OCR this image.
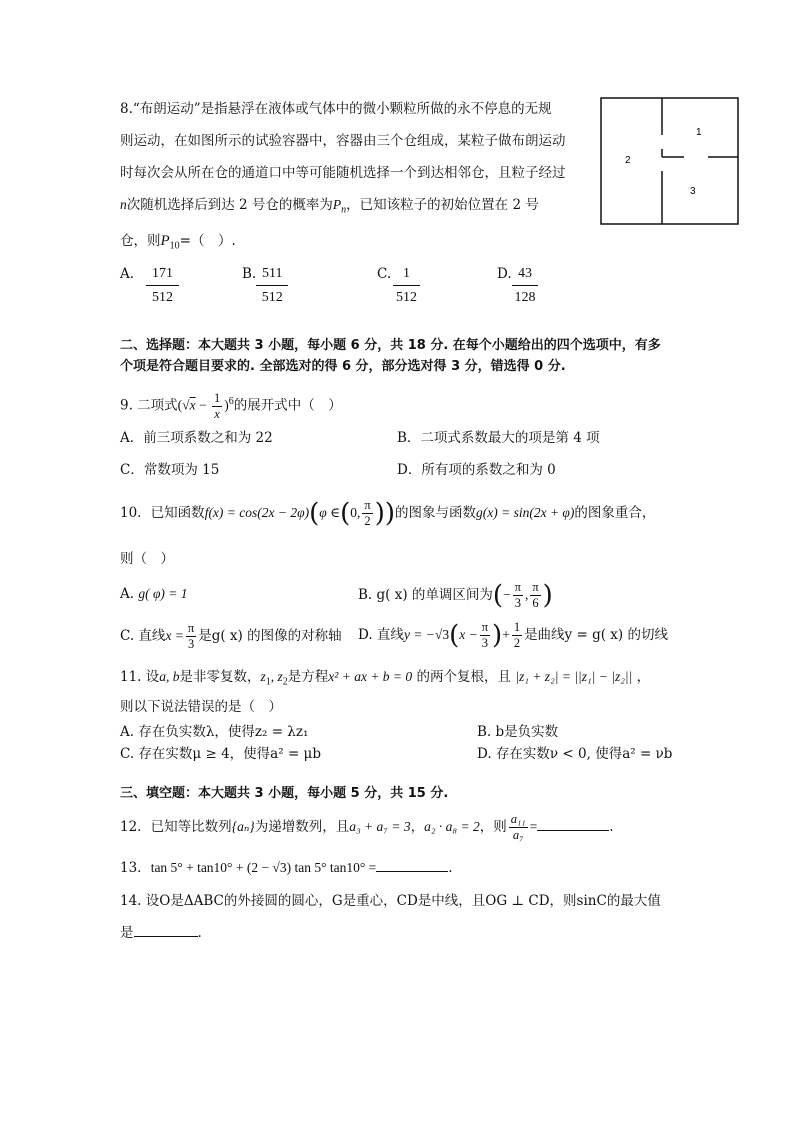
8.“布朗运动”是指悬浮在液体或气体中的微小颗粒所做的永不停息的无规
则运动，在如图所示的试验容器中，容器由三个仓组成，某粒子做布朗运动
时每次会从所在仓的通道口中等可能随机选择一个到达相邻仓，且粒子经过
n次随机选择后到达 2 号仓的概率为$P_n$，已知该粒子的初始位置在 2 号
仓，则$P_{10}=$（　）.
1
2
3
A. $\frac{171}{512}$	B. $\frac{511}{512}$	C. $\frac{1}{512}$	D. $\frac{43}{128}$
二、选择题：本大题共 3 小题，每小题 6 分，共 18 分. 在每个小题给出的四个选项中，有多
个项是符合题目要求的. 全部选对的得 6 分，部分选对得 3 分，错选得 0 分.
9. 二项式$(√x - \frac{1}{x} )^6$的展开式中（　）
A．前三项系数之和为 22	B．二项式系数最大的项是第 4 项
C．常数项为 15	D．所有项的系数之和为 0
10．已知函数f(x) = cos(2x − 2φ)(φ ∈(0, $\frac{\pi}{2}$ ))的图象与函数g(x) = sin(2x + φ)的图象重合，
则（　）
A. g( φ) = 1	B. g( x) 的单调区间为(− $\frac{\pi}{3}$ , $\frac{\pi}{6}$ )
C. 直线$x = \frac{\pi}{3}$ 是g( x) 的图像的对称轴 D. 直线$y = -√3(x - \frac{\pi}{3}$ )+ $\frac{1}{2}$ 是曲线y = g( x) 的切线
11. 设a, b是非零复数，$z_1$, $z_2$是方程x² + ax + b = 0 的两个复根，且 |z₁ + z₂| = ||z₁| − |z₂|| ，
则以下说法错误的是（　）
A. 存在负实数λ，使得z₂ = λz₁	B. b是负实数
C. 存在实数μ ≥ 4，使得a² = μb	D. 存在实数ν < 0, 使得a² = νb
三、填空题：本大题共 3 小题，每小题 5 分，共 15 分.
12．已知等比数列{aₙ}为递增数列，且a₃ + a₇ = 3，a₂ · a₈ = 2，则 $\frac{\text{a₁₁}}{\text{a₇}}$ =	.
13．tan 5° + tan10° + (2 − √3) tan 5° tan10° =	.
14. 设O是ΔABC的外接圆的圆心，G是重心，CD是中线，且OG ⊥ CD，则sinC的最大值
是	.
